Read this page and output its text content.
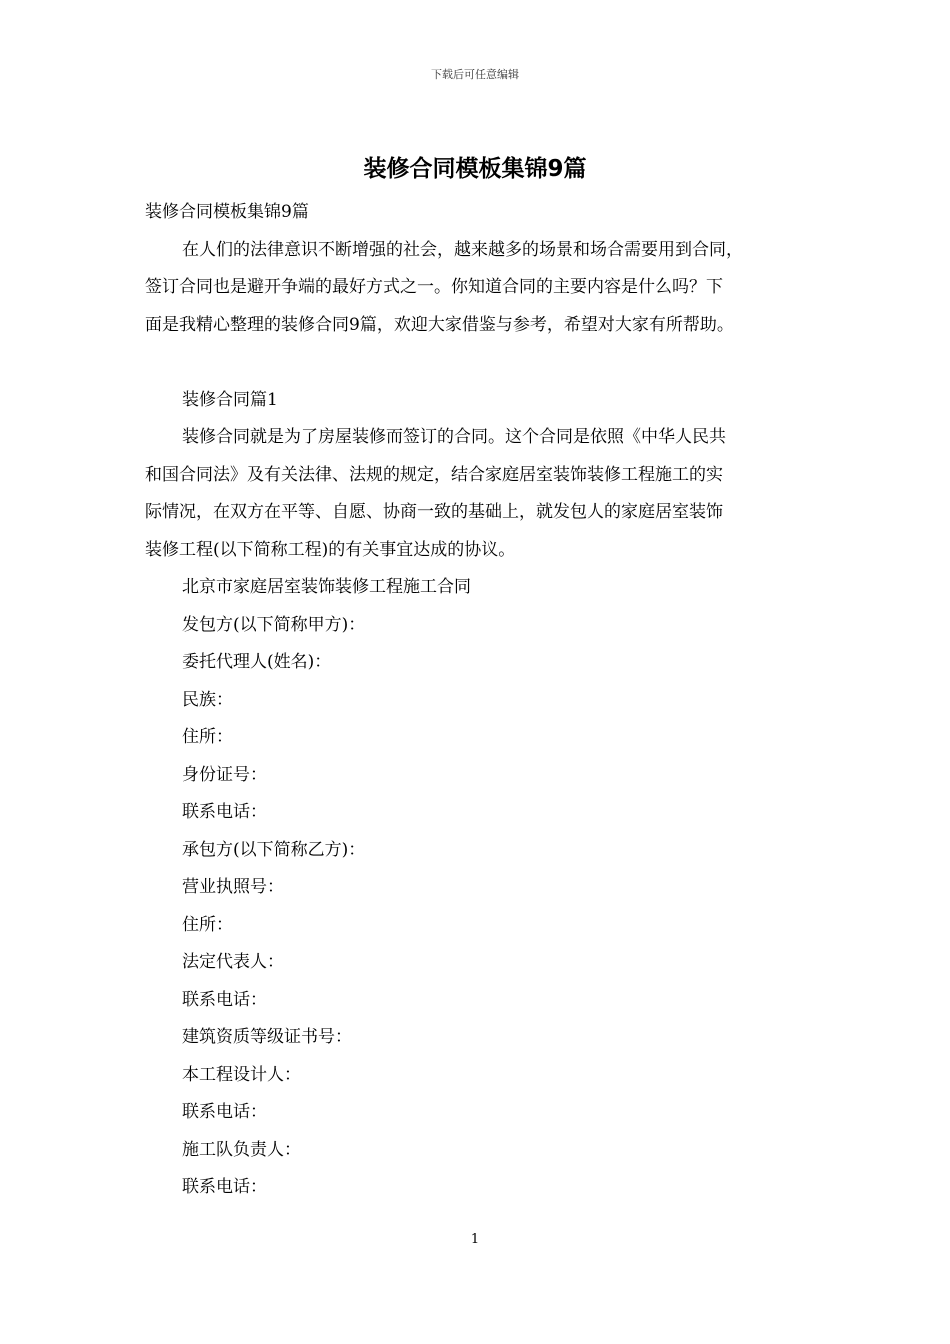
下载后可任意编辑
装修合同模板集锦9篇

装修合同模板集锦9篇

在人们的法律意识不断增强的社会，越来越多的场景和场合需要用到合同，

签订合同也是避开争端的最好方式之一。你知道合同的主要内容是什么吗？下

面是我精心整理的装修合同9篇，欢迎大家借鉴与参考，希望对大家有所帮助。

装修合同篇1

装修合同就是为了房屋装修而签订的合同。这个合同是依照《中华人民共

和国合同法》及有关法律、法规的规定，结合家庭居室装饰装修工程施工的实

际情况，在双方在平等、自愿、协商一致的基础上，就发包人的家庭居室装饰

装修工程(以下简称工程)的有关事宜达成的协议。

北京市家庭居室装饰装修工程施工合同

发包方(以下简称甲方)：

委托代理人(姓名)：

民族：

住所：

身份证号：

联系电话：

承包方(以下简称乙方)：

营业执照号：

住所：

法定代表人：

联系电话：

建筑资质等级证书号：

本工程设计人：

联系电话：

施工队负责人：

联系电话：

1
